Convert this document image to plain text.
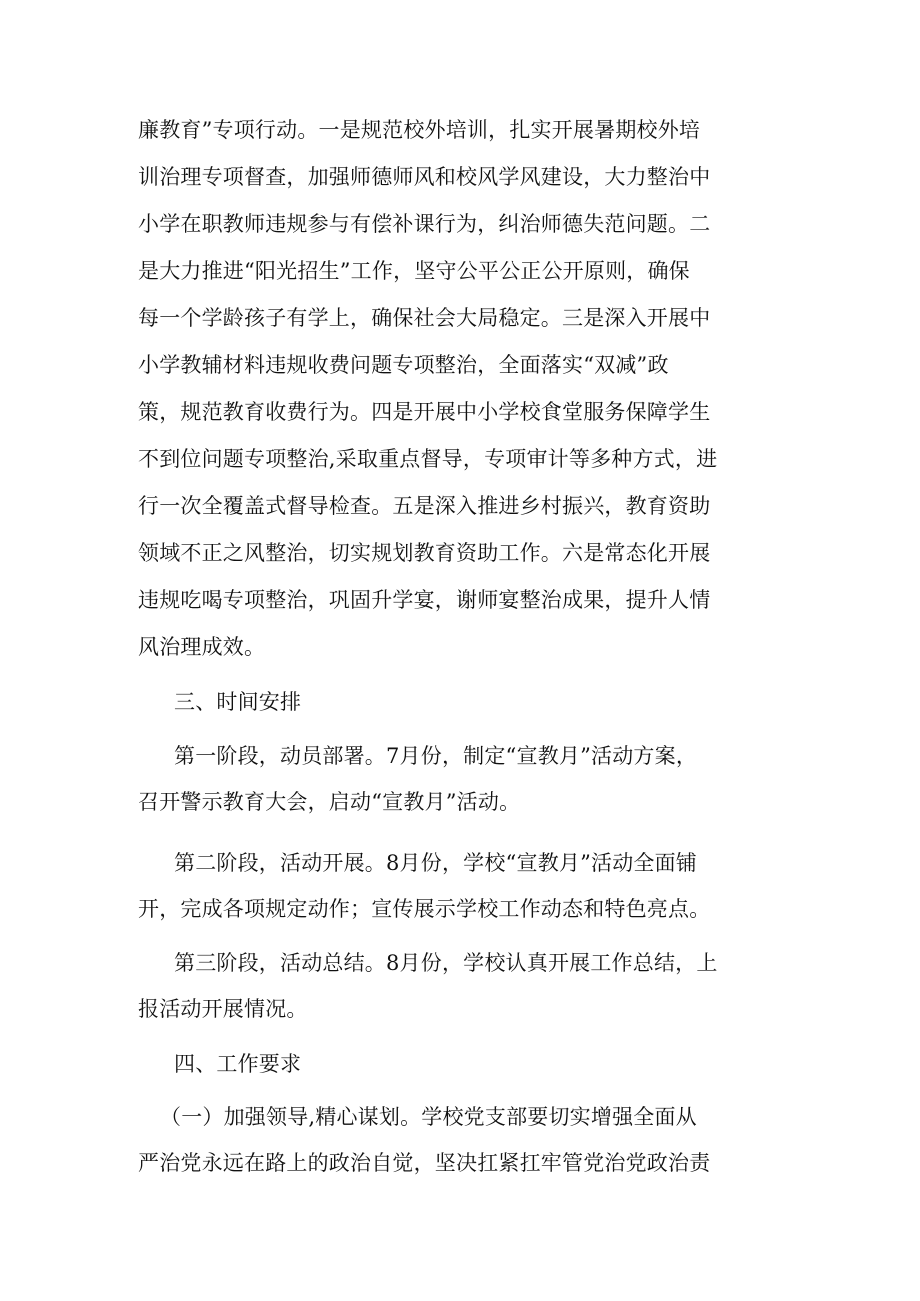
廉教育”专项行动。一是规范校外培训，扎实开展暑期校外培
训治理专项督查，加强师德师风和校风学风建设，大力整治中
小学在职教师违规参与有偿补课行为，纠治师德失范问题。二
是大力推进“阳光招生”工作，坚守公平公正公开原则，确保
每一个学龄孩子有学上，确保社会大局稳定。三是深入开展中
小学教辅材料违规收费问题专项整治，全面落实“双减”政
策，规范教育收费行为。四是开展中小学校食堂服务保障学生
不到位问题专项整治,采取重点督导，专项审计等多种方式，进
行一次全覆盖式督导检查。五是深入推进乡村振兴，教育资助
领域不正之风整治，切实规划教育资助工作。六是常态化开展
违规吃喝专项整治，巩固升学宴，谢师宴整治成果，提升人情
风治理成效。
三、时间安排
第一阶段，动员部署。7月份，制定“宣教月”活动方案，
召开警示教育大会，启动“宣教月”活动。
第二阶段，活动开展。8月份，学校“宣教月”活动全面铺
开，完成各项规定动作；宣传展示学校工作动态和特色亮点。
第三阶段，活动总结。8月份，学校认真开展工作总结，上
报活动开展情况。
四、工作要求
（一）加强领导,精心谋划。学校党支部要切实增强全面从
严治党永远在路上的政治自觉，坚决扛紧扛牢管党治党政治责
